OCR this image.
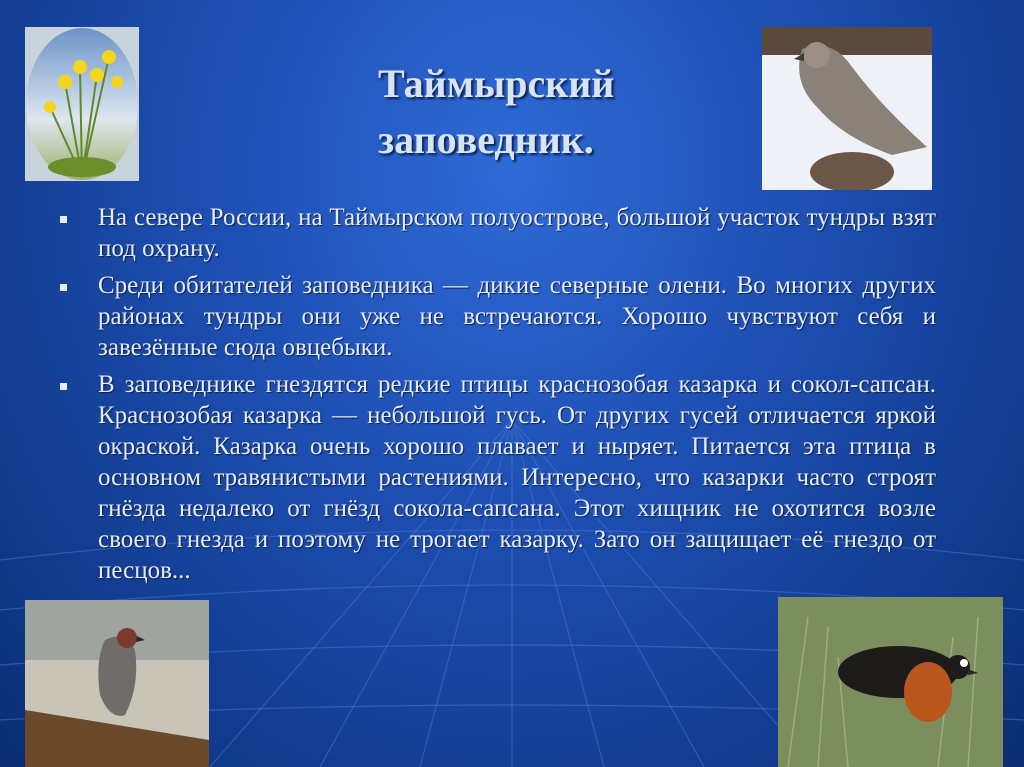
Таймырский
заповедник.
На севере России, на Таймырском полуострове, большой участок тундры взят под охрану.
Среди обитателей заповедника — дикие северные олени. Во многих других районах тундры они уже не встречаются. Хорошо чувствуют себя и завезённые сюда овцебыки.
В заповеднике гнездятся редкие птицы краснозобая казарка и сокол-сапсан. Краснозобая казарка — небольшой гусь. От других гусей отличается яркой окраской. Казарка очень хорошо плавает и ныряет. Питается эта птица в основном травянистыми растениями. Интересно, что казарки часто строят гнёзда недалеко от гнёзд сокола-сапсана. Этот хищник не охотится возле своего гнезда и поэтому не трогает казарку. Зато он защищает её гнездо от песцов...
